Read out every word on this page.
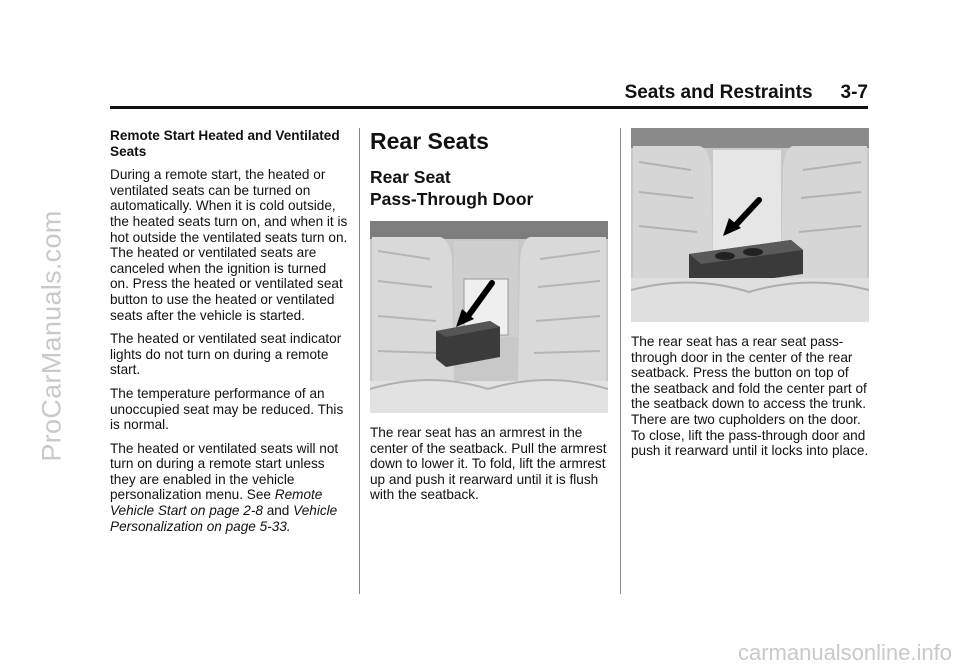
ProCarManuals.com
Seats and Restraints 3-7

Remote Start Heated and Ventilated Seats

During a remote start, the heated or ventilated seats can be turned on automatically. When it is cold outside, the heated seats turn on, and when it is hot outside the ventilated seats turn on. The heated or ventilated seats are canceled when the ignition is turned on. Press the heated or ventilated seat button to use the heated or ventilated seats after the vehicle is started.

The heated or ventilated seat indicator lights do not turn on during a remote start.

The temperature performance of an unoccupied seat may be reduced. This is normal.

The heated or ventilated seats will not turn on during a remote start unless they are enabled in the vehicle personalization menu. See Remote Vehicle Start on page 2-8 and Vehicle Personalization on page 5-33.

Rear Seats
Rear Seat
Pass-Through Door

The rear seat has an armrest in the center of the seatback. Pull the armrest down to lower it. To fold, lift the armrest up and push it rearward until it is flush with the seatback.

The rear seat has a rear seat pass-through door in the center of the rear seatback. Press the button on top of the seatback and fold the center part of the seatback down to access the trunk. There are two cupholders on the door. To close, lift the pass-through door and push it rearward until it locks into place.

carmanualsonline.info
